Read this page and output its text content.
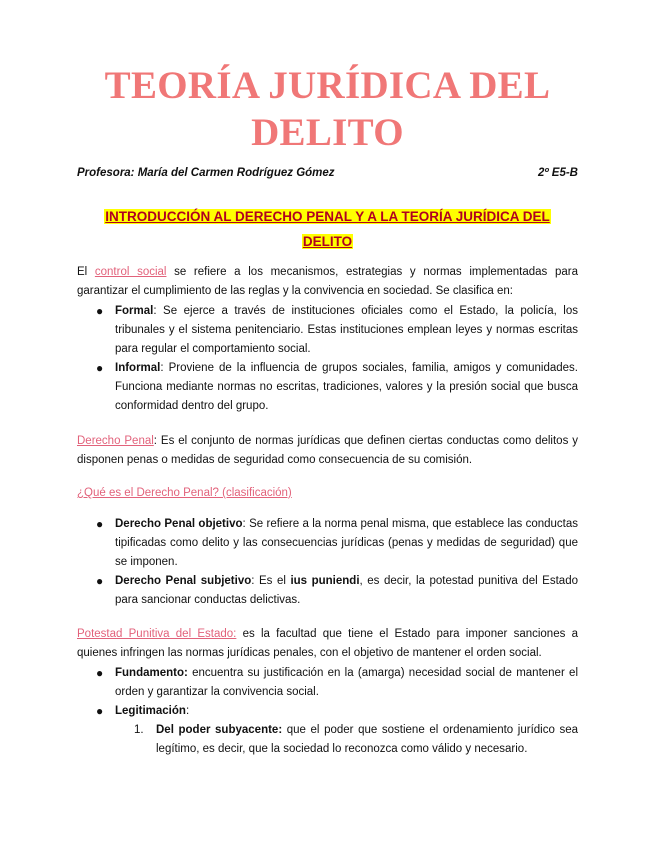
TEORÍA JURÍDICA DEL
DELITO
Profesora: María del Carmen Rodríguez Gómez	2º E5-B
INTRODUCCIÓN AL DERECHO PENAL Y A LA TEORÍA JURÍDICA DEL
DELITO
El control social se refiere a los mecanismos, estrategias y normas implementadas para garantizar el cumplimiento de las reglas y la convivencia en sociedad. Se clasifica en:
● Formal: Se ejerce a través de instituciones oficiales como el Estado, la policía, los tribunales y el sistema penitenciario. Estas instituciones emplean leyes y normas escritas para regular el comportamiento social.
● Informal: Proviene de la influencia de grupos sociales, familia, amigos y comunidades. Funciona mediante normas no escritas, tradiciones, valores y la presión social que busca conformidad dentro del grupo.
Derecho Penal: Es el conjunto de normas jurídicas que definen ciertas conductas como delitos y disponen penas o medidas de seguridad como consecuencia de su comisión.
¿Qué es el Derecho Penal? (clasificación)
● Derecho Penal objetivo: Se refiere a la norma penal misma, que establece las conductas tipificadas como delito y las consecuencias jurídicas (penas y medidas de seguridad) que se imponen.
● Derecho Penal subjetivo: Es el ius puniendi, es decir, la potestad punitiva del Estado para sancionar conductas delictivas.
Potestad Punitiva del Estado: es la facultad que tiene el Estado para imponer sanciones a quienes infringen las normas jurídicas penales, con el objetivo de mantener el orden social.
● Fundamento: encuentra su justificación en la (amarga) necesidad social de mantener el orden y garantizar la convivencia social.
● Legitimación:
1.	Del poder subyacente: que el poder que sostiene el ordenamiento jurídico sea legítimo, es decir, que la sociedad lo reconozca como válido y necesario.
